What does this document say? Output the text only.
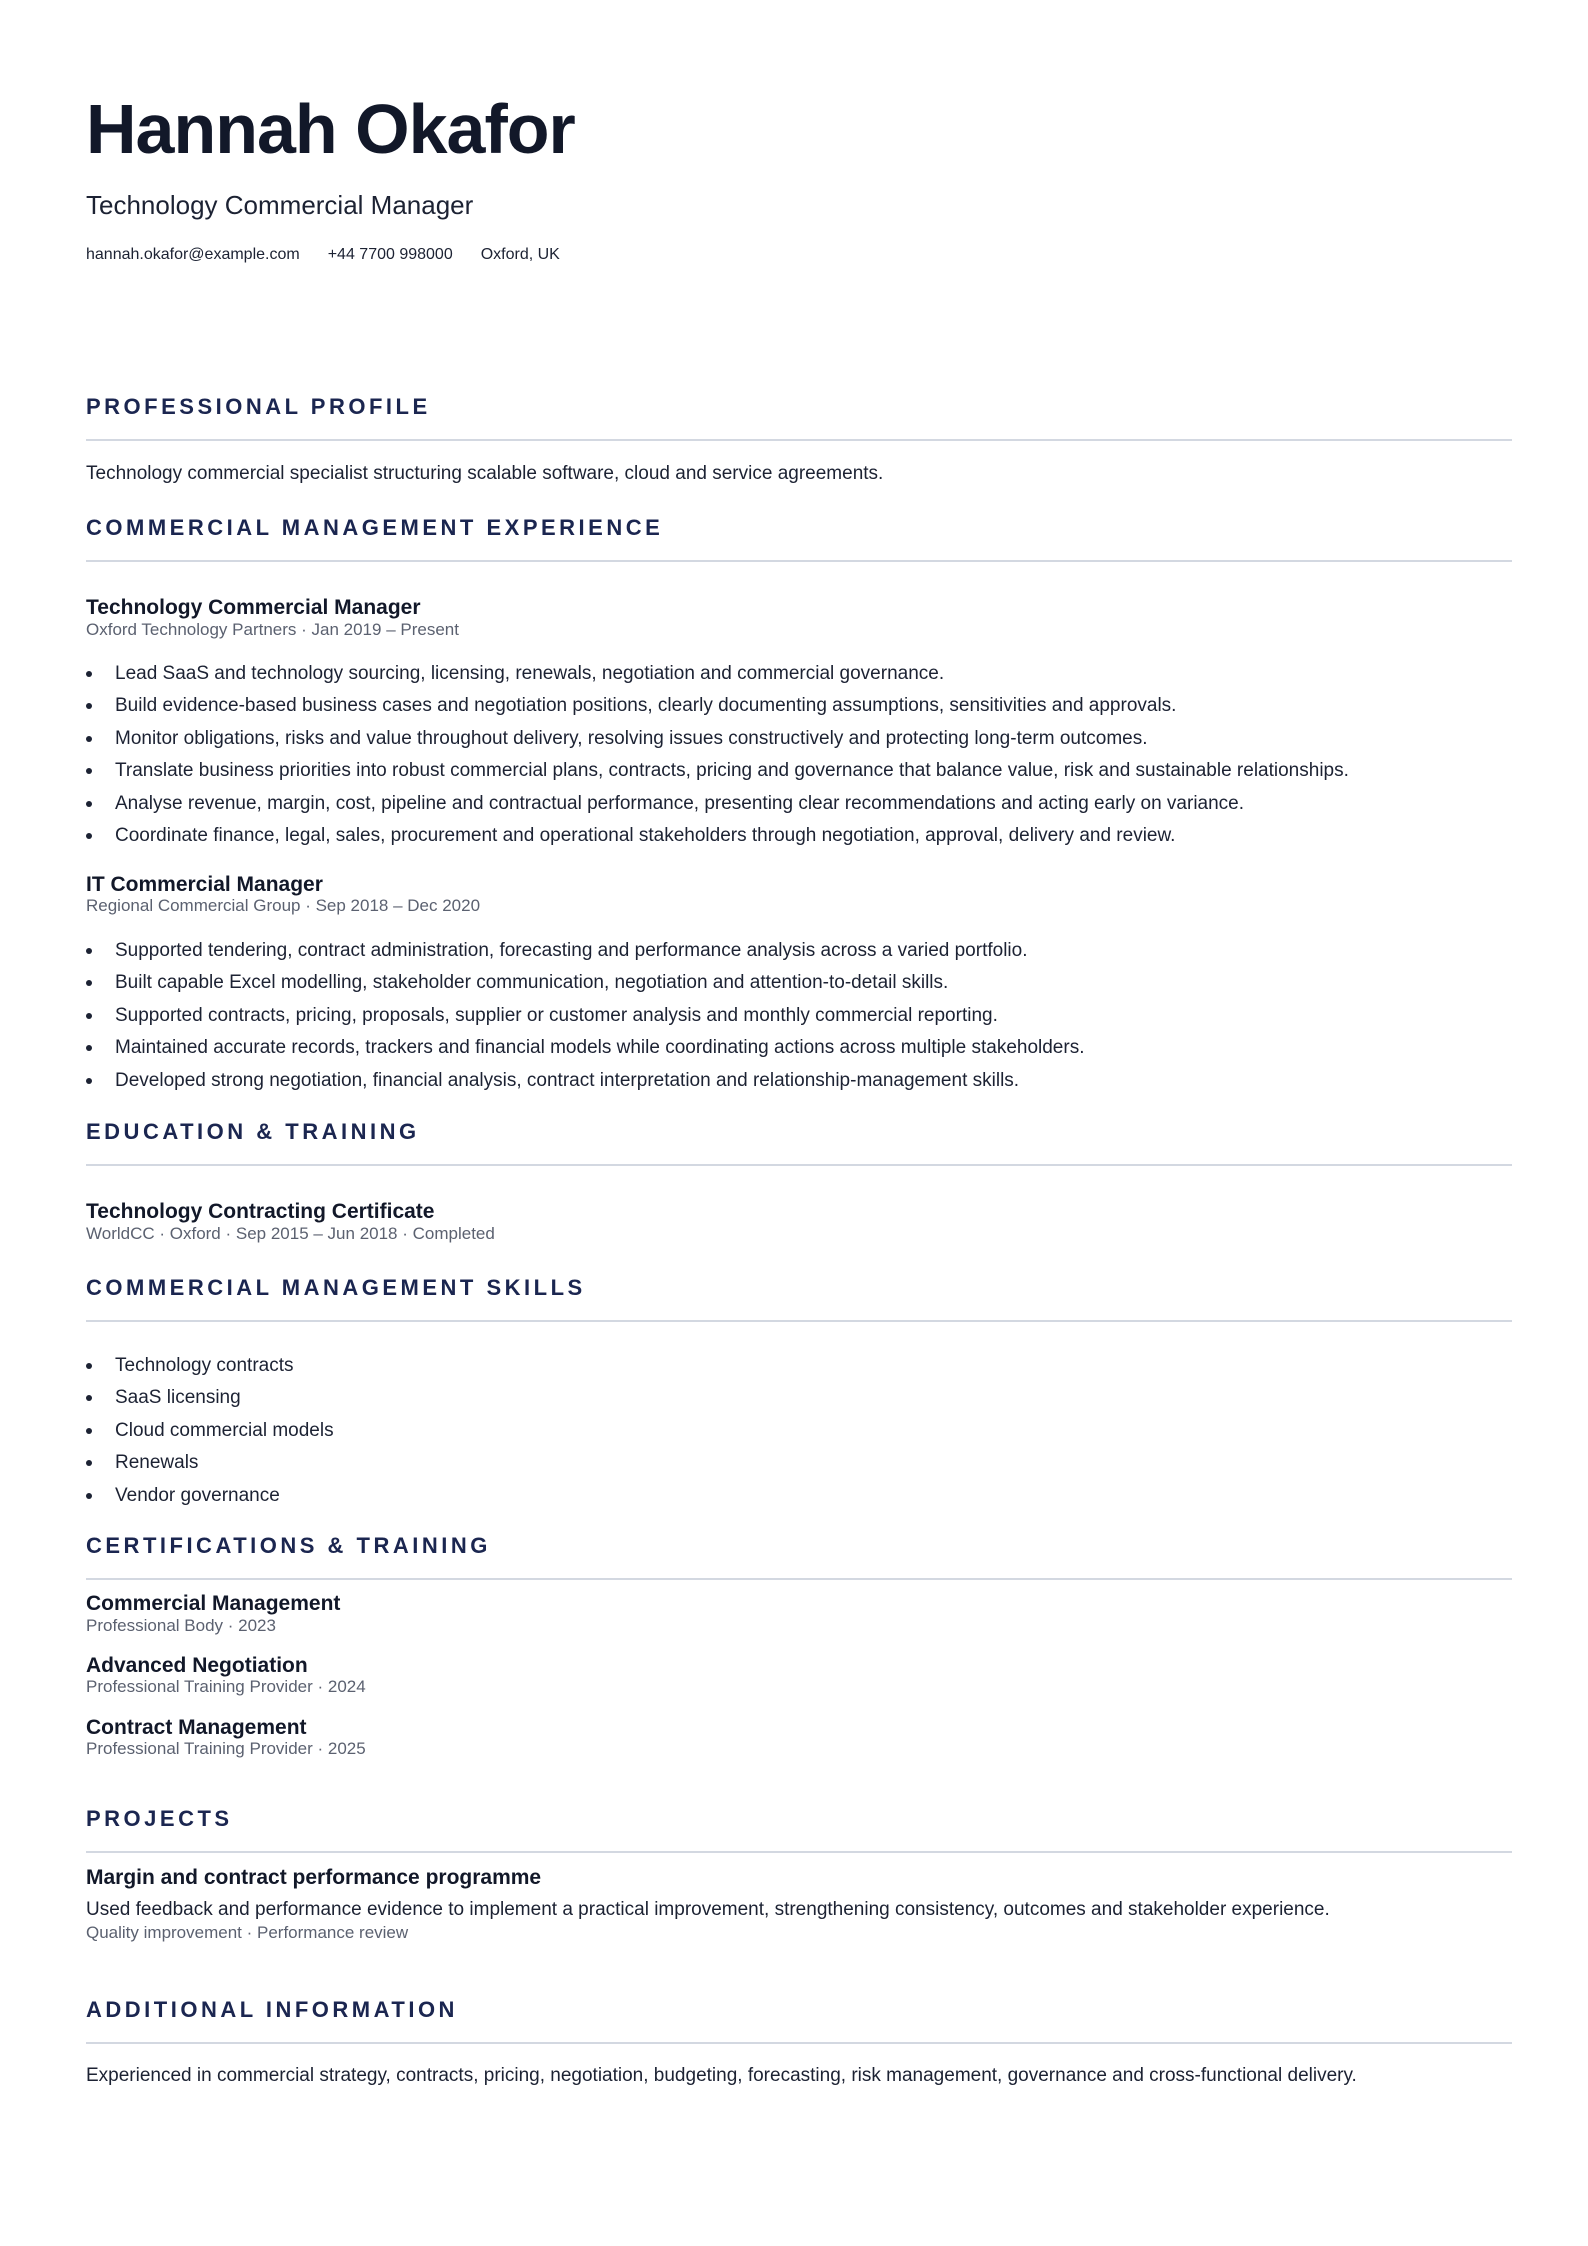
Hannah Okafor
Technology Commercial Manager
hannah.okafor@example.com +44 7700 998000 Oxford, UK
PROFESSIONAL PROFILE
Technology commercial specialist structuring scalable software, cloud and service agreements.
COMMERCIAL MANAGEMENT EXPERIENCE
Technology Commercial Manager
Oxford Technology Partners · Jan 2019 – Present
Lead SaaS and technology sourcing, licensing, renewals, negotiation and commercial governance.
Build evidence-based business cases and negotiation positions, clearly documenting assumptions, sensitivities and approvals.
Monitor obligations, risks and value throughout delivery, resolving issues constructively and protecting long-term outcomes.
Translate business priorities into robust commercial plans, contracts, pricing and governance that balance value, risk and sustainable relationships.
Analyse revenue, margin, cost, pipeline and contractual performance, presenting clear recommendations and acting early on variance.
Coordinate finance, legal, sales, procurement and operational stakeholders through negotiation, approval, delivery and review.
IT Commercial Manager
Regional Commercial Group · Sep 2018 – Dec 2020
Supported tendering, contract administration, forecasting and performance analysis across a varied portfolio.
Built capable Excel modelling, stakeholder communication, negotiation and attention-to-detail skills.
Supported contracts, pricing, proposals, supplier or customer analysis and monthly commercial reporting.
Maintained accurate records, trackers and financial models while coordinating actions across multiple stakeholders.
Developed strong negotiation, financial analysis, contract interpretation and relationship-management skills.
EDUCATION & TRAINING
Technology Contracting Certificate
WorldCC · Oxford · Sep 2015 – Jun 2018 · Completed
COMMERCIAL MANAGEMENT SKILLS
Technology contracts
SaaS licensing
Cloud commercial models
Renewals
Vendor governance
CERTIFICATIONS & TRAINING
Commercial Management
Professional Body · 2023
Advanced Negotiation
Professional Training Provider · 2024
Contract Management
Professional Training Provider · 2025
PROJECTS
Margin and contract performance programme
Used feedback and performance evidence to implement a practical improvement, strengthening consistency, outcomes and stakeholder experience.
Quality improvement · Performance review
ADDITIONAL INFORMATION
Experienced in commercial strategy, contracts, pricing, negotiation, budgeting, forecasting, risk management, governance and cross-functional delivery.
